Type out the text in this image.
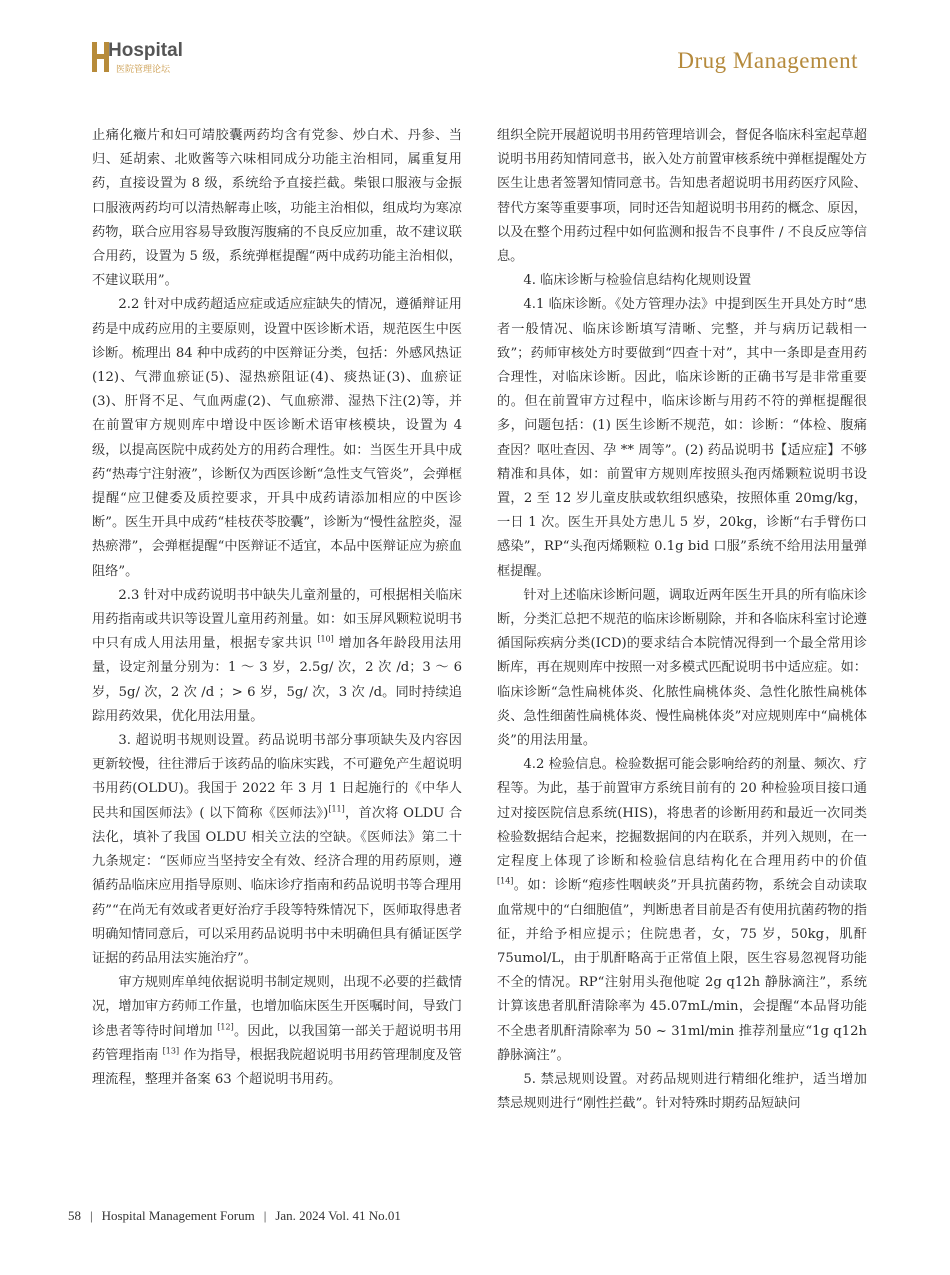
Hospital
医院管理论坛	Drug Management

止痛化癥片和妇可靖胶囊两药均含有党参、炒白术、丹参、当归、延胡索、北败酱等六味相同成分功能主治相同，属重复用药，直接设置为 8 级，系统给予直接拦截。柴银口服液与金振口服液两药均可以清热解毒止咳，功能主治相似，组成均为寒凉药物，联合应用容易导致腹泻腹痛的不良反应加重，故不建议联合用药，设置为 5 级，系统弹框提醒“两中成药功能主治相似，不建议联用”。

2.2 针对中成药超适应症或适应症缺失的情况，遵循辩证用药是中成药应用的主要原则，设置中医诊断术语，规范医生中医诊断。梳理出 84 种中成药的中医辩证分类，包括：外感风热证(12)、气滞血瘀证(5)、湿热瘀阻证(4)、痰热证(3)、血瘀证(3)、肝肾不足、气血两虚(2)、气血瘀滞、湿热下注(2)等，并在前置审方规则库中增设中医诊断术语审核模块，设置为 4 级，以提高医院中成药处方的用药合理性。如：当医生开具中成药“热毒宁注射液”，诊断仅为西医诊断“急性支气管炎”，会弹框提醒“应卫健委及质控要求，开具中成药请添加相应的中医诊断”。医生开具中成药“桂枝茯苓胶囊”，诊断为“慢性盆腔炎，湿热瘀滞”，会弹框提醒“中医辩证不适宜，本品中医辩证应为瘀血阻络”。

2.3 针对中成药说明书中缺失儿童剂量的，可根据相关临床用药指南或共识等设置儿童用药剂量。如：如玉屏风颗粒说明书中只有成人用法用量，根据专家共识 [10] 增加各年龄段用法用量，设定剂量分别为：1 ～ 3 岁，2.5g/ 次，2 次 /d；3 ～ 6 岁，5g/ 次，2 次 /d ；> 6 岁，5g/ 次，3 次 /d。同时持续追踪用药效果，优化用法用量。

3. 超说明书规则设置。药品说明书部分事项缺失及内容因更新较慢，往往滞后于该药品的临床实践，不可避免产生超说明书用药(OLDU)。我国于 2022 年 3 月 1 日起施行的《中华人民共和国医师法》( 以下简称《医师法》)[11]，首次将 OLDU 合法化，填补了我国 OLDU 相关立法的空缺。《医师法》第二十九条规定：“医师应当坚持安全有效、经济合理的用药原则，遵循药品临床应用指导原则、临床诊疗指南和药品说明书等合理用药”“在尚无有效或者更好治疗手段等特殊情况下，医师取得患者明确知情同意后，可以采用药品说明书中未明确但具有循证医学证据的药品用法实施治疗”。

审方规则库单纯依据说明书制定规则，出现不必要的拦截情况，增加审方药师工作量，也增加临床医生开医嘱时间，导致门诊患者等待时间增加 [12]。因此，以我国第一部关于超说明书用药管理指南 [13] 作为指导，根据我院超说明书用药管理制度及管理流程，整理并备案 63 个超说明书用药。

组织全院开展超说明书用药管理培训会，督促各临床科室起草超说明书用药知情同意书，嵌入处方前置审核系统中弹框提醒处方医生让患者签署知情同意书。告知患者超说明书用药医疗风险、替代方案等重要事项，同时还告知超说明书用药的概念、原因，以及在整个用药过程中如何监测和报告不良事件 / 不良反应等信息。

4. 临床诊断与检验信息结构化规则设置

4.1 临床诊断。《处方管理办法》中提到医生开具处方时“患者一般情况、临床诊断填写清晰、完整，并与病历记载相一致”；药师审核处方时要做到“四查十对”，其中一条即是查用药合理性，对临床诊断。因此，临床诊断的正确书写是非常重要的。但在前置审方过程中，临床诊断与用药不符的弹框提醒很多，问题包括：(1) 医生诊断不规范，如：诊断：“体检、腹痛查因？呕吐查因、孕 ** 周等”。(2) 药品说明书【适应症】不够精准和具体，如：前置审方规则库按照头孢丙烯颗粒说明书设置，2 至 12 岁儿童皮肤或软组织感染，按照体重 20mg/kg，一日 1 次。医生开具处方患儿 5 岁，20kg，诊断“右手臂伤口感染”，RP“头孢丙烯颗粒 0.1g bid 口服”系统不给用法用量弹框提醒。

针对上述临床诊断问题，调取近两年医生开具的所有临床诊断，分类汇总把不规范的临床诊断剔除，并和各临床科室讨论遵循国际疾病分类(ICD)的要求结合本院情况得到一个最全常用诊断库，再在规则库中按照一对多模式匹配说明书中适应症。如：临床诊断“急性扁桃体炎、化脓性扁桃体炎、急性化脓性扁桃体炎、急性细菌性扁桃体炎、慢性扁桃体炎”对应规则库中“扁桃体炎”的用法用量。

4.2 检验信息。检验数据可能会影响给药的剂量、频次、疗程等。为此，基于前置审方系统目前有的 20 种检验项目接口通过对接医院信息系统(HIS)，将患者的诊断用药和最近一次同类检验数据结合起来，挖掘数据间的内在联系，并列入规则，在一定程度上体现了诊断和检验信息结构化在合理用药中的价值 [14]。如：诊断“疱疹性咽峡炎”开具抗菌药物，系统会自动读取血常规中的“白细胞值”，判断患者目前是否有使用抗菌药物的指征，并给予相应提示；住院患者，女，75 岁，50kg，肌酐 75umol/L，由于肌酐略高于正常值上限，医生容易忽视肾功能不全的情况。RP“注射用头孢他啶 2g q12h 静脉滴注”，系统计算该患者肌酐清除率为 45.07mL/min，会提醒“本品肾功能不全患者肌酐清除率为 50 ~ 31ml/min 推荐剂量应“1g q12h 静脉滴注”。

5. 禁忌规则设置。对药品规则进行精细化维护，适当增加禁忌规则进行“刚性拦截”。针对特殊时期药品短缺问

58 | Hospital Management Forum | Jan. 2024 Vol. 41 No.01
